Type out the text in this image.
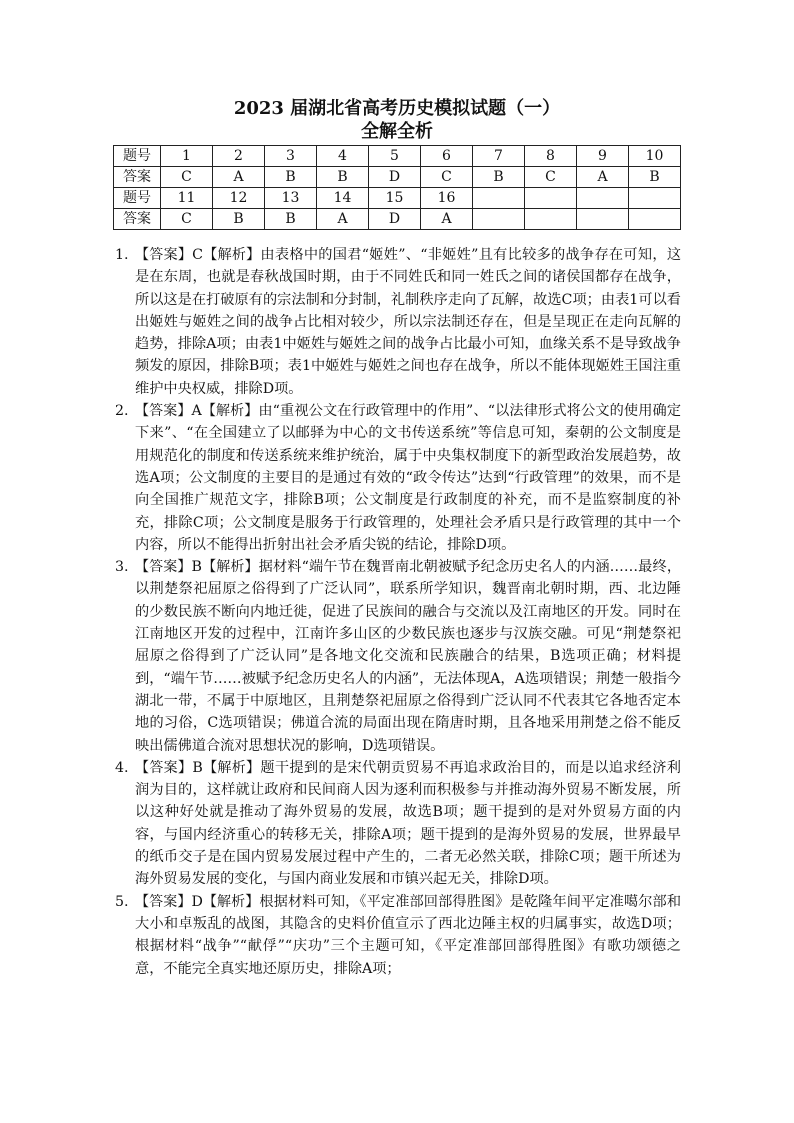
2023 届湖北省高考历史模拟试题（一）
全解全析
题号	1	2	3	4	5	6	7	8	9	10
答案	C	A	B	B	D	C	B	C	A	B
题号	11	12	13	14	15	16				
答案	C	B	B	A	D	A				

1. 【答案】C【解析】由表格中的国君“姬姓”、“非姬姓”且有比较多的战争存在可知，这是在东周，也就是春秋战国时期，由于不同姓氏和同一姓氏之间的诸侯国都存在战争，所以这是在打破原有的宗法制和分封制，礼制秩序走向了瓦解，故选C项；由表1可以看出姬姓与姬姓之间的战争占比相对较少，所以宗法制还存在，但是呈现正在走向瓦解的趋势，排除A项；由表1中姬姓与姬姓之间的战争占比最小可知，血缘关系不是导致战争频发的原因，排除B项；表1中姬姓与姬姓之间也存在战争，所以不能体现姬姓王国注重维护中央权威，排除D项。

2. 【答案】A【解析】由“重视公文在行政管理中的作用”、“以法律形式将公文的使用确定下来”、“在全国建立了以邮驿为中心的文书传送系统”等信息可知，秦朝的公文制度是用规范化的制度和传送系统来维护统治，属于中央集权制度下的新型政治发展趋势，故选A项；公文制度的主要目的是通过有效的“政令传达”达到“行政管理”的效果，而不是向全国推广规范文字，排除B项；公文制度是行政制度的补充，而不是监察制度的补充，排除C项；公文制度是服务于行政管理的，处理社会矛盾只是行政管理的其中一个内容，所以不能得出折射出社会矛盾尖锐的结论，排除D项。

3. 【答案】B【解析】据材料“端午节在魏晋南北朝被赋予纪念历史名人的内涵……最终，以荆楚祭祀屈原之俗得到了广泛认同”，联系所学知识，魏晋南北朝时期，西、北边陲的少数民族不断向内地迁徙，促进了民族间的融合与交流以及江南地区的开发。同时在江南地区开发的过程中，江南许多山区的少数民族也逐步与汉族交融。可见“荆楚祭祀屈原之俗得到了广泛认同”是各地文化交流和民族融合的结果，B选项正确；材料提到，“端午节……被赋予纪念历史名人的内涵”，无法体现A，A选项错误；荆楚一般指今湖北一带，不属于中原地区，且荆楚祭祀屈原之俗得到广泛认同不代表其它各地否定本地的习俗，C选项错误；佛道合流的局面出现在隋唐时期，且各地采用荆楚之俗不能反映出儒佛道合流对思想状况的影响，D选项错误。

4. 【答案】B【解析】题干提到的是宋代朝贡贸易不再追求政治目的，而是以追求经济利润为目的，这样就让政府和民间商人因为逐利而积极参与并推动海外贸易不断发展，所以这种好处就是推动了海外贸易的发展，故选B项；题干提到的是对外贸易方面的内容，与国内经济重心的转移无关，排除A项；题干提到的是海外贸易的发展，世界最早的纸币交子是在国内贸易发展过程中产生的，二者无必然关联，排除C项；题干所述为海外贸易发展的变化，与国内商业发展和市镇兴起无关，排除D项。

5. 【答案】D【解析】根据材料可知，《平定准部回部得胜图》是乾隆年间平定准噶尔部和大小和卓叛乱的战图，其隐含的史料价值宣示了西北边陲主权的归属事实，故选D项；根据材料“战争”“献俘”“庆功”三个主题可知，《平定准部回部得胜图》有歌功颂德之意，不能完全真实地还原历史，排除A项；
